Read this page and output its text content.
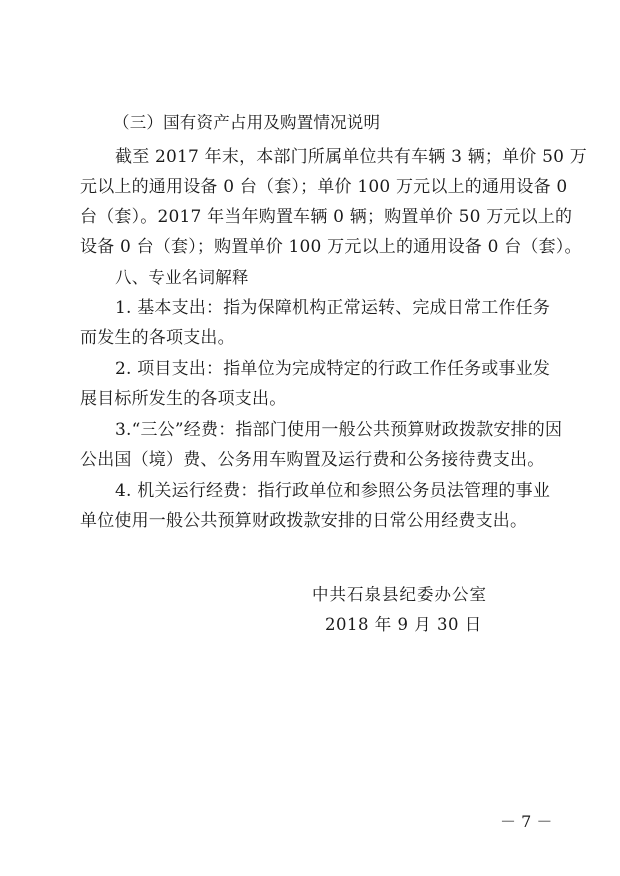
（三）国有资产占用及购置情况说明
截至 2017 年末，本部门所属单位共有车辆 3 辆；单价 50 万
元以上的通用设备 0 台（套）；单价 100 万元以上的通用设备 0
台（套）。2017 年当年购置车辆 0 辆；购置单价 50 万元以上的
设备 0 台（套）；购置单价 100 万元以上的通用设备 0 台（套）。
八、专业名词解释
1. 基本支出：指为保障机构正常运转、完成日常工作任务
而发生的各项支出。
2. 项目支出：指单位为完成特定的行政工作任务或事业发
展目标所发生的各项支出。
3.“三公”经费：指部门使用一般公共预算财政拨款安排的因
公出国（境）费、公务用车购置及运行费和公务接待费支出。
4. 机关运行经费：指行政单位和参照公务员法管理的事业
单位使用一般公共预算财政拨款安排的日常公用经费支出。
中共石泉县纪委办公室
2018 年 9 月 30 日
－ 7 －
